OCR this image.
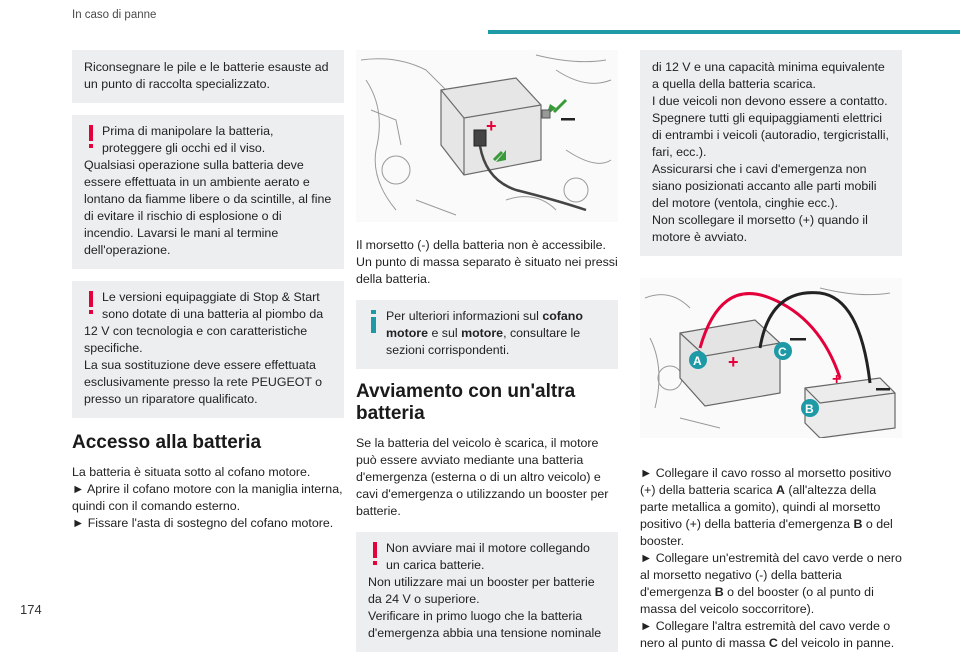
In caso di panne

Riconsegnare le pile e le batterie esauste ad un punto di raccolta specializzato.

Prima di manipolare la batteria, proteggere gli occhi ed il viso.

Qualsiasi operazione sulla batteria deve essere effettuata in un ambiente aerato e lontano da fiamme libere o da scintille, al fine di evitare il rischio di esplosione o di incendio. Lavarsi le mani al termine dell'operazione.

Le versioni equipaggiate di Stop & Start sono dotate di una batteria al piombo da

12 V con tecnologia e con caratteristiche specifiche.

La sua sostituzione deve essere effettuata esclusivamente presso la rete PEUGEOT o presso un riparatore qualificato.

Accesso alla batteria

La batteria è situata sotto al cofano motore.

► Aprire il cofano motore con la maniglia interna, quindi con il comando esterno.

► Fissare l'asta di sostegno del cofano motore.

+

Il morsetto (-) della batteria non è accessibile. Un punto di massa separato è situato nei pressi della batteria.

Per ulteriori informazioni sul cofano motore e sul motore, consultare le sezioni corrispondenti.

Avviamento con un'altra batteria

Se la batteria del veicolo è scarica, il motore può essere avviato mediante una batteria d'emergenza (esterna o di un altro veicolo) e cavi d'emergenza o utilizzando un booster per batterie.

Non avviare mai il motore collegando un carica batterie.

Non utilizzare mai un booster per batterie da 24 V o superiore.

Verificare in primo luogo che la batteria d'emergenza abbia una tensione nominale

di 12 V e una capacità minima equivalente a quella della batteria scarica.

I due veicoli non devono essere a contatto.

Spegnere tutti gli equipaggiamenti elettrici di entrambi i veicoli (autoradio, tergicristalli, fari, ecc.).

Assicurarsi che i cavi d'emergenza non siano posizionati accanto alle parti mobili del motore (ventola, cinghie ecc.).

Non scollegare il morsetto (+) quando il motore è avviato.

+
+
A
C
B

► Collegare il cavo rosso al morsetto positivo (+) della batteria scarica A (all'altezza della parte metallica a gomito), quindi al morsetto positivo (+) della batteria d'emergenza B o del booster.

► Collegare un'estremità del cavo verde o nero al morsetto negativo (-) della batteria d'emergenza B o del booster (o al punto di massa del veicolo soccorritore).

► Collegare l'altra estremità del cavo verde o nero al punto di massa C del veicolo in panne.

174
